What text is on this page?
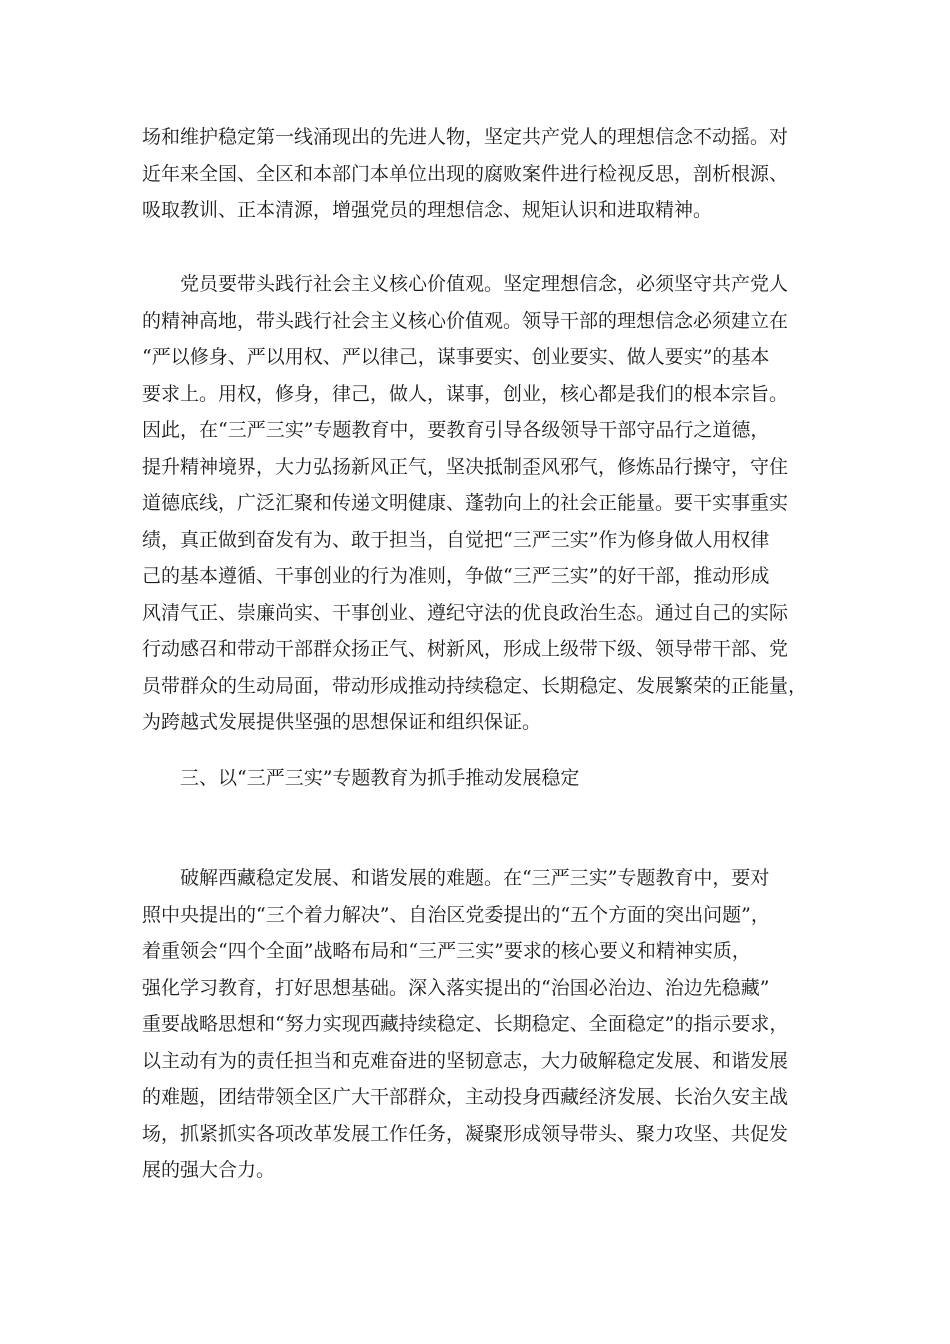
场和维护稳定第一线涌现出的先进人物，坚定共产党人的理想信念不动摇。对
近年来全国、全区和本部门本单位出现的腐败案件进行检视反思，剖析根源、
吸取教训、正本清源，增强党员的理想信念、规矩认识和进取精神。
党员要带头践行社会主义核心价值观。坚定理想信念，必须坚守共产党人
的精神高地，带头践行社会主义核心价值观。领导干部的理想信念必须建立在
“严以修身、严以用权、严以律己，谋事要实、创业要实、做人要实”的基本
要求上。用权，修身，律己，做人，谋事，创业，核心都是我们的根本宗旨。
因此，在“三严三实”专题教育中，要教育引导各级领导干部守品行之道德，
提升精神境界，大力弘扬新风正气，坚决抵制歪风邪气，修炼品行操守，守住
道德底线，广泛汇聚和传递文明健康、蓬勃向上的社会正能量。要干实事重实
绩，真正做到奋发有为、敢于担当，自觉把“三严三实”作为修身做人用权律
己的基本遵循、干事创业的行为准则，争做“三严三实”的好干部，推动形成
风清气正、崇廉尚实、干事创业、遵纪守法的优良政治生态。通过自己的实际
行动感召和带动干部群众扬正气、树新风，形成上级带下级、领导带干部、党
员带群众的生动局面，带动形成推动持续稳定、长期稳定、发展繁荣的正能量，
为跨越式发展提供坚强的思想保证和组织保证。
三、以“三严三实”专题教育为抓手推动发展稳定
破解西藏稳定发展、和谐发展的难题。在“三严三实”专题教育中，要对
照中央提出的“三个着力解决”、自治区党委提出的“五个方面的突出问题”，
着重领会“四个全面”战略布局和“三严三实”要求的核心要义和精神实质，
强化学习教育，打好思想基础。深入落实提出的“治国必治边、治边先稳藏”
重要战略思想和“努力实现西藏持续稳定、长期稳定、全面稳定”的指示要求，
以主动有为的责任担当和克难奋进的坚韧意志，大力破解稳定发展、和谐发展
的难题，团结带领全区广大干部群众，主动投身西藏经济发展、长治久安主战
场，抓紧抓实各项改革发展工作任务，凝聚形成领导带头、聚力攻坚、共促发
展的强大合力。
